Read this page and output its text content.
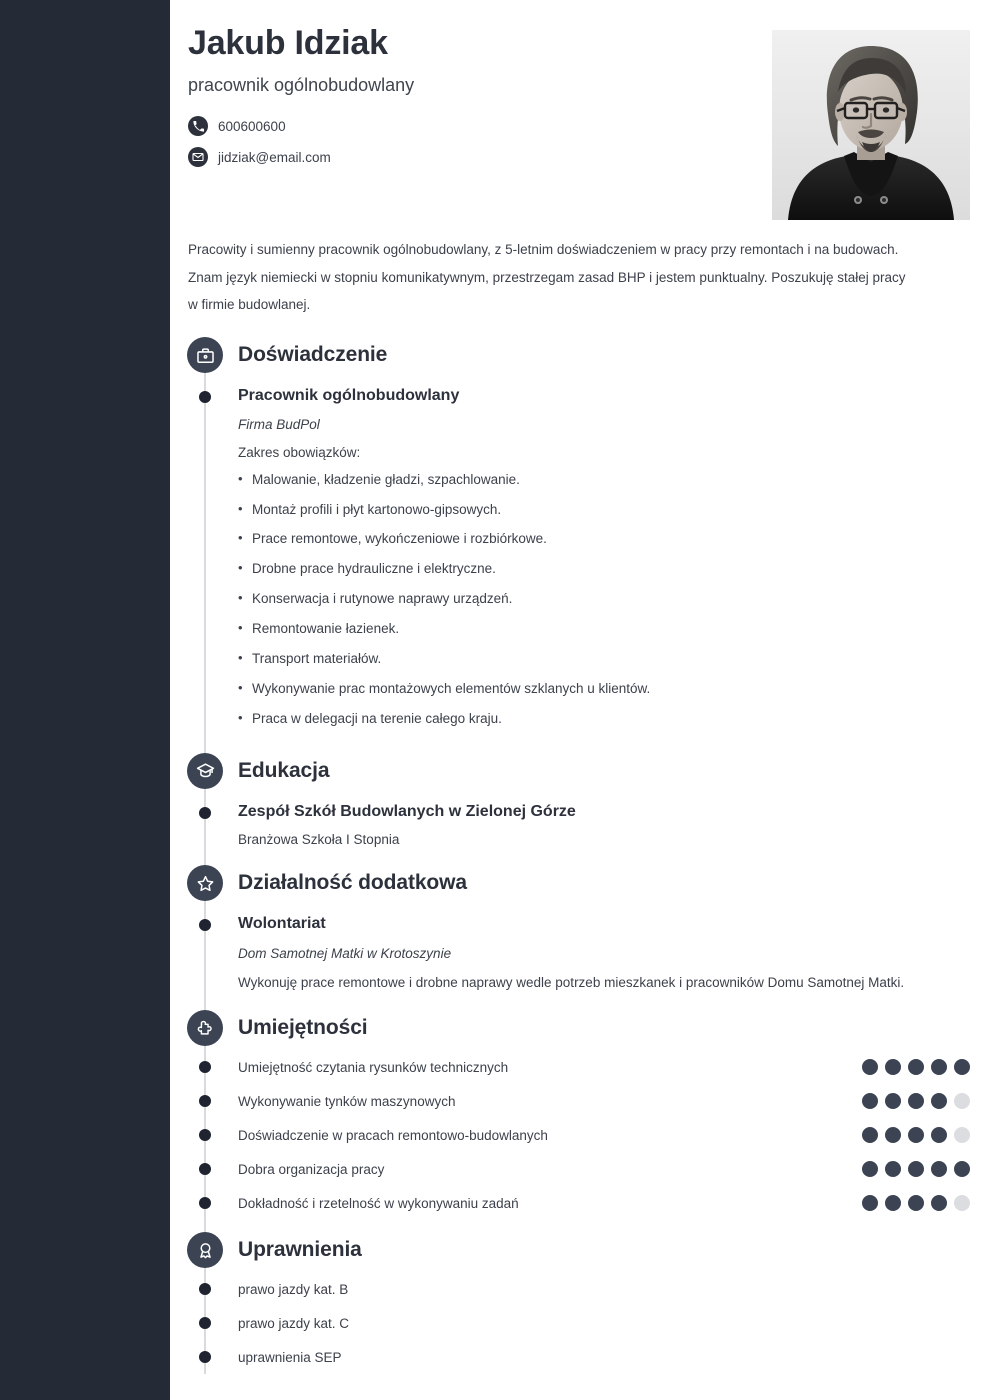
2012 - do dziś
2009 - 2012
2016 - do dziś
Jakub Idziak
pracownik ogólnobudowlany
600600600
jidziak@email.com

Pracowity i sumienny pracownik ogólnobudowlany, z 5-letnim doświadczeniem w pracy przy remontach i na budowach. Znam język niemiecki w stopniu komunikatywnym, przestrzegam zasad BHP i jestem punktualny. Poszukuję stałej pracy w firmie budowlanej.

Doświadczenie
Pracownik ogólnobudowlany
Firma BudPol
Zakres obowiązków:
• Malowanie, kładzenie gładzi, szpachlowanie.
• Montaż profili i płyt kartonowo-gipsowych.
• Prace remontowe, wykończeniowe i rozbiórkowe.
• Drobne prace hydrauliczne i elektryczne.
• Konserwacja i rutynowe naprawy urządzeń.
• Remontowanie łazienek.
• Transport materiałów.
• Wykonywanie prac montażowych elementów szklanych u klientów.
• Praca w delegacji na terenie całego kraju.
Edukacja
Zespół Szkół Budowlanych w Zielonej Górze
Branżowa Szkoła I Stopnia
Działalność dodatkowa
Wolontariat
Dom Samotnej Matki w Krotoszynie
Wykonuję prace remontowe i drobne naprawy wedle potrzeb mieszkanek i pracowników Domu Samotnej Matki.
Umiejętności
Umiejętność czytania rysunków technicznych
Wykonywanie tynków maszynowych
Doświadczenie w pracach remontowo-budowlanych
Dobra organizacja pracy
Dokładność i rzetelność w wykonywaniu zadań
Uprawnienia
prawo jazdy kat. B
prawo jazdy kat. C
uprawnienia SEP
